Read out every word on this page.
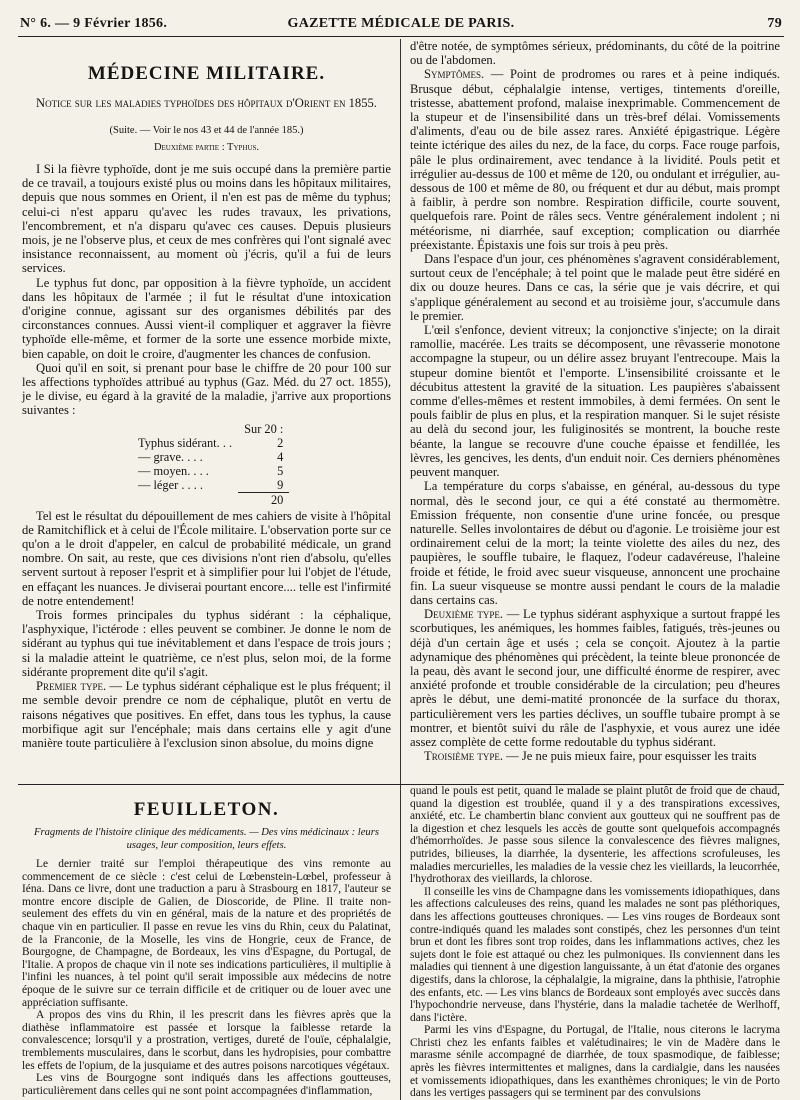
GAZETTE MÉDICALE DE PARIS.
N° 6. — 9 Février 1856.	79
MÉDECINE MILITAIRE.
Notice sur les maladies typhoïdes des hôpitaux d'Orient en 1855.
(Suite. — Voir le nos 43 et 44 de l'année 185.)
Deuxième partie : Typhus.

I Si la fièvre typhoïde, dont je me suis occupé dans la première partie de ce travail, a toujours existé plus ou moins dans les hôpitaux militaires, depuis que nous sommes en Orient, il n'en est pas de même du typhus; celui-ci n'est apparu qu'avec les rudes travaux, les privations, l'encombrement, et n'a disparu qu'avec ces causes. Depuis plusieurs mois, je ne l'observe plus, et ceux de mes confrères qui l'ont signalé avec insistance reconnaissent, au moment où j'écris, qu'il a fui de leurs services.

Le typhus fut donc, par opposition à la fièvre typhoïde, un accident dans les hôpitaux de l'armée ; il fut le résultat d'une intoxication d'origine connue, agissant sur des organismes débilités par des circonstances connues. Aussi vient-il compliquer et aggraver la fièvre typhoïde elle-même, et former de la sorte une essence morbide mixte, bien capable, on doit le croire, d'augmenter les chances de confusion.

Quoi qu'il en soit, si prenant pour base le chiffre de 20 pour 100 sur les affections typhoïdes attribué au typhus (Gaz. Méd. du 27 oct. 1855), je le divise, eu égard à la gravité de la maladie, j'arrive aux proportions suivantes :

	Sur 20 :
Typhus sidérant. . .	2
— grave. . . .	4
— moyen. . . .	5
— léger . . . .	9
	20

Tel est le résultat du dépouillement de mes cahiers de visite à l'hôpital de Ramitchiflick et à celui de l'École militaire. L'observation porte sur ce qu'on a le droit d'appeler, en calcul de probabilité médicale, un grand nombre. On sait, au reste, que ces divisions n'ont rien d'absolu, qu'elles servent surtout à reposer l'esprit et à simplifier pour lui l'objet de l'étude, en effaçant les nuances. Je diviserai pourtant encore.... telle est l'infirmité de notre entendement!

Trois formes principales du typhus sidérant : la céphalique, l'asphyxique, l'ictérode : elles peuvent se combiner. Je donne le nom de sidérant au typhus qui tue inévitablement et dans l'espace de trois jours ; si la maladie atteint le quatrième, ce n'est plus, selon moi, de la forme sidérante proprement dite qu'il s'agit.

Premier type. — Le typhus sidérant céphalique est le plus fréquent; il me semble devoir prendre ce nom de céphalique, plutôt en vertu de raisons négatives que positives. En effet, dans tous les typhus, la cause morbifique agit sur l'encéphale; mais dans certains elle y agit d'une manière toute particulière à l'exclusion sinon absolue, du moins digne

d'être notée, de symptômes sérieux, prédominants, du côté de la poitrine ou de l'abdomen.

Symptômes. — Point de prodromes ou rares et à peine indiqués. Brusque début, céphalalgie intense, vertiges, tintements d'oreille, tristesse, abattement profond, malaise inexprimable. Commencement de la stupeur et de l'insensibilité dans un très-bref délai. Vomissements d'aliments, d'eau ou de bile assez rares. Anxiété épigastrique. Légère teinte ictérique des ailes du nez, de la face, du corps. Face rouge parfois, pâle le plus ordinairement, avec tendance à la lividité. Pouls petit et irrégulier au-dessus de 100 et même de 120, ou ondulant et irrégulier, au-dessous de 100 et même de 80, ou fréquent et dur au début, mais prompt à faiblir, à perdre son nombre. Respiration difficile, courte souvent, quelquefois rare. Point de râles secs. Ventre généralement indolent ; ni météorisme, ni diarrhée, sauf exception; complication ou diarrhée préexistante. Épistaxis une fois sur trois à peu près.

Dans l'espace d'un jour, ces phénomènes s'agravent considérablement, surtout ceux de l'encéphale; à tel point que le malade peut être sidéré en dix ou douze heures. Dans ce cas, la série que je vais décrire, et qui s'applique généralement au second et au troisième jour, s'accumule dans le premier.

L'œil s'enfonce, devient vitreux; la conjonctive s'injecte; on la dirait ramollie, macérée. Les traits se décomposent, une rêvasserie monotone accompagne la stupeur, ou un délire assez bruyant l'entrecoupe. Mais la stupeur domine bientôt et l'emporte. L'insensibilité croissante et le décubitus attestent la gravité de la situation. Les paupières s'abaissent comme d'elles-mêmes et restent immobiles, à demi fermées. On sent le pouls faiblir de plus en plus, et la respiration manquer. Si le sujet résiste au delà du second jour, les fuliginosités se montrent, la bouche reste béante, la langue se recouvre d'une couche épaisse et fendillée, les lèvres, les gencives, les dents, d'un enduit noir. Ces derniers phénomènes peuvent manquer.

La température du corps s'abaisse, en général, au-dessous du type normal, dès le second jour, ce qui a été constaté au thermomètre. Emission fréquente, non consentie d'une urine foncée, ou presque naturelle. Selles involontaires de début ou d'agonie. Le troisième jour est ordinairement celui de la mort; la teinte violette des ailes du nez, des paupières, le souffle tubaire, le flaquez, l'odeur cadavéreuse, l'haleine froide et fétide, le froid avec sueur visqueuse, annoncent une prochaine fin. La sueur visqueuse se montre aussi pendant le cours de la maladie dans certains cas.

Deuxième type. — Le typhus sidérant asphyxique a surtout frappé les scorbutiques, les anémiques, les hommes faibles, fatigués, très-jeunes ou déjà d'un certain âge et usés ; cela se conçoit. Ajoutez à la partie adynamique des phénomènes qui précèdent, la teinte bleue prononcée de la peau, dès avant le second jour, une difficulté énorme de respirer, avec anxiété profonde et trouble considérable de la circulation; peu d'heures après le début, une demi-matité prononcée de la surface du thorax, particulièrement vers les parties déclives, un souffle tubaire prompt à se montrer, et bientôt suivi du râle de l'asphyxie, et vous aurez une idée assez complète de cette forme redoutable du typhus sidérant.

Troisième type. — Je ne puis mieux faire, pour esquisser les traits

FEUILLETON.
Fragments de l'histoire clinique des médicaments. — Des vins médicinaux : leurs usages, leur composition, leurs effets.

Le dernier traité sur l'emploi thérapeutique des vins remonte au commencement de ce siècle : c'est celui de Lœbenstein-Lœbel, professeur à Iéna. Dans ce livre, dont une traduction a paru à Strasbourg en 1817, l'auteur se montre encore disciple de Galien, de Dioscoride, de Pline. Il traite non-seulement des effets du vin en général, mais de la nature et des propriétés de chaque vin en particulier. Il passe en revue les vins du Rhin, ceux du Palatinat, de la Franconie, de la Moselle, les vins de Hongrie, ceux de France, de Bourgogne, de Champagne, de Bordeaux, les vins d'Espagne, du Portugal, de l'Italie. A propos de chaque vin il note ses indications particulières, il multiplie à l'infini les nuances, à tel point qu'il serait impossible aux médecins de notre époque de le suivre sur ce terrain difficile et de critiquer ou de louer avec une appréciation suffisante.

A propos des vins du Rhin, il les prescrit dans les fièvres après que la diathèse inflammatoire est passée et lorsque la faiblesse retarde la convalescence; lorsqu'il y a prostration, vertiges, dureté de l'ouïe, céphalalgie, tremblements musculaires, dans le scorbut, dans les hydropisies, pour combattre les effets de l'opium, de la jusquiame et des autres poisons narcotiques végétaux.

Les vins de Bourgogne sont indiqués dans les affections goutteuses, particulièrement dans celles qui ne sont point accompagnées d'inflammation,

quand le pouls est petit, quand le malade se plaint plutôt de froid que de chaud, quand la digestion est troublée, quand il y a des transpirations excessives, anxiété, etc. Le chambertin blanc convient aux goutteux qui ne souffrent pas de la digestion et chez lesquels les accès de goutte sont quelquefois accompagnés d'hémorrhoïdes. Je passe sous silence la convalescence des fièvres malignes, putrides, bilieuses, la diarrhée, la dysenterie, les affections scrofuleuses, les maladies mercurielles, les maladies de la vessie chez les vieillards, la leucorrhée, l'hydrothorax des vieillards, la chlorose.

Il conseille les vins de Champagne dans les vomissements idiopathiques, dans les affections calculeuses des reins, quand les malades ne sont pas pléthoriques, dans les affections goutteuses chroniques. — Les vins rouges de Bordeaux sont contre-indiqués quand les malades sont constipés, chez les personnes d'un teint brun et dont les fibres sont trop roides, dans les inflammations actives, chez les sujets dont le foie est attaqué ou chez les pulmoniques. Ils conviennent dans les maladies qui tiennent à une digestion languissante, à un état d'atonie des organes digestifs, dans la chlorose, la céphalalgie, la migraine, dans la phthisie, l'atrophie des enfants, etc. — Les vins blancs de Bordeaux sont employés avec succès dans l'hypochondrie nerveuse, dans l'hystérie, dans la maladie tachetée de Werlhoff, dans l'ictère.

Parmi les vins d'Espagne, du Portugal, de l'Italie, nous citerons le lacryma Christi chez les enfants faibles et valétudinaires; le vin de Madère dans le marasme sénile accompagné de diarrhée, de toux spasmodique, de faiblesse; après les fièvres intermittentes et malignes, dans la cardialgie, dans les nausées et vomissements idiopathiques, dans les exanthèmes chroniques; le vin de Porto dans les vertiges passagers qui se terminent par des convulsions
